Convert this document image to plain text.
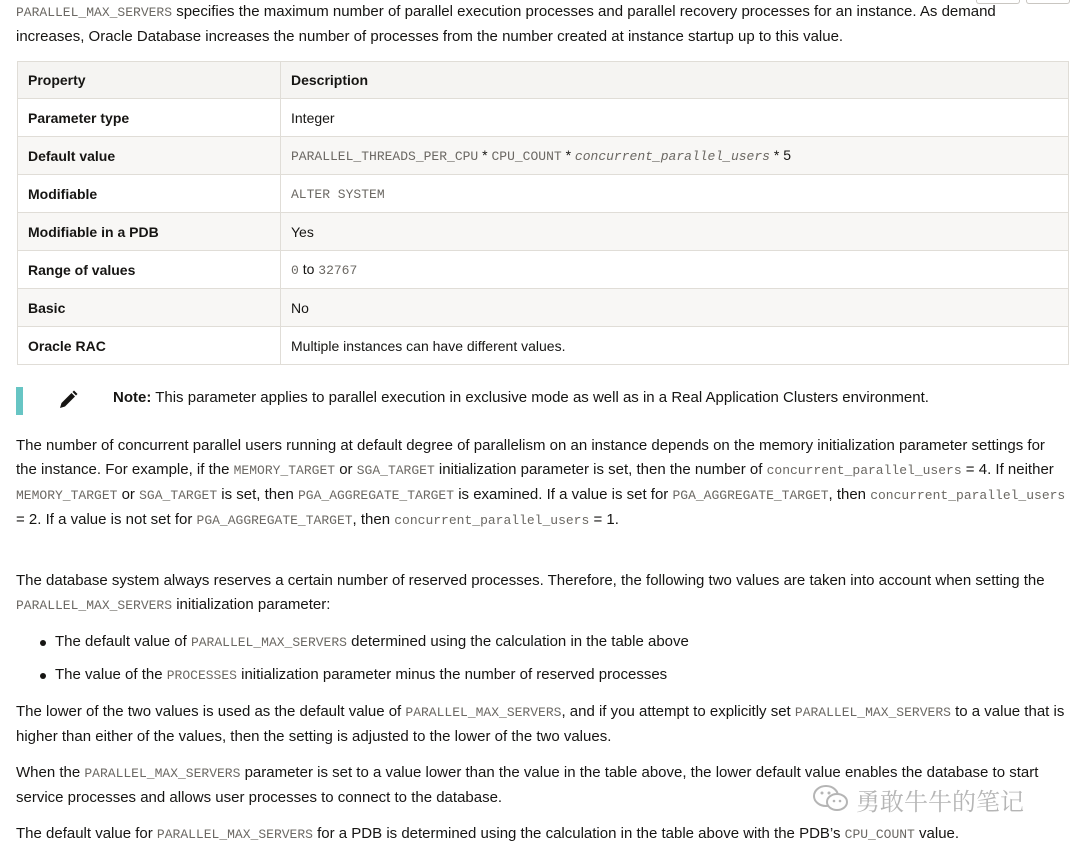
PARALLEL_MAX_SERVERS specifies the maximum number of parallel execution processes and parallel recovery processes for an instance. As demand increases, Oracle Database increases the number of processes from the number created at instance startup up to this value.

Property	Description
Parameter type	Integer
Default value	PARALLEL_THREADS_PER_CPU * CPU_COUNT * concurrent_parallel_users * 5
Modifiable	ALTER SYSTEM
Modifiable in a PDB	Yes
Range of values	0 to 32767
Basic	No
Oracle RAC	Multiple instances can have different values.
Note: This parameter applies to parallel execution in exclusive mode as well as in a Real Application Clusters environment.

The number of concurrent parallel users running at default degree of parallelism on an instance depends on the memory initialization parameter settings for the instance. For example, if the MEMORY_TARGET or SGA_TARGET initialization parameter is set, then the number of concurrent_parallel_users = 4. If neither MEMORY_TARGET or SGA_TARGET is set, then PGA_AGGREGATE_TARGET is examined. If a value is set for PGA_AGGREGATE_TARGET, then concurrent_parallel_users = 2. If a value is not set for PGA_AGGREGATE_TARGET, then concurrent_parallel_users = 1.

The database system always reserves a certain number of reserved processes. Therefore, the following two values are taken into account when setting the PARALLEL_MAX_SERVERS initialization parameter:

The default value of PARALLEL_MAX_SERVERS determined using the calculation in the table above
The value of the PROCESSES initialization parameter minus the number of reserved processes

The lower of the two values is used as the default value of PARALLEL_MAX_SERVERS, and if you attempt to explicitly set PARALLEL_MAX_SERVERS to a value that is higher than either of the values, then the setting is adjusted to the lower of the two values.

When the PARALLEL_MAX_SERVERS parameter is set to a value lower than the value in the table above, the lower default value enables the database to start service processes and allows user processes to connect to the database.

The default value for PARALLEL_MAX_SERVERS for a PDB is determined using the calculation in the table above with the PDB’s CPU_COUNT value.

勇敢牛牛的笔记
